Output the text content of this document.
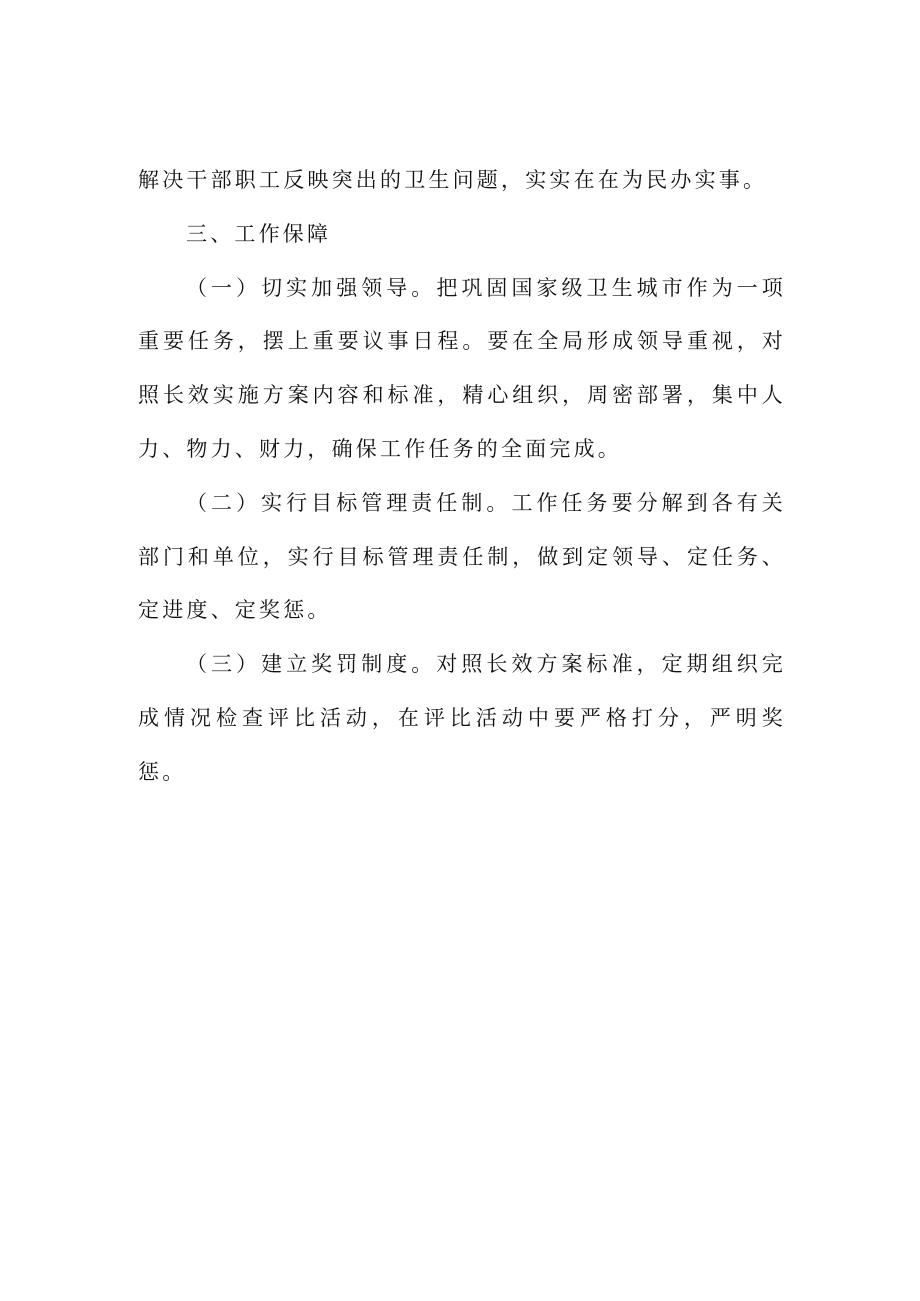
解决干部职工反映突出的卫生问题，实实在在为民办实事。

三、工作保障

（一）切实加强领导。把巩固国家级卫生城市作为一项重要任务，摆上重要议事日程。要在全局形成领导重视，对照长效实施方案内容和标准，精心组织，周密部署，集中人力、物力、财力，确保工作任务的全面完成。

（二）实行目标管理责任制。工作任务要分解到各有关部门和单位，实行目标管理责任制，做到定领导、定任务、定进度、定奖惩。

（三）建立奖罚制度。对照长效方案标准，定期组织完成情况检查评比活动，在评比活动中要严格打分，严明奖惩。
